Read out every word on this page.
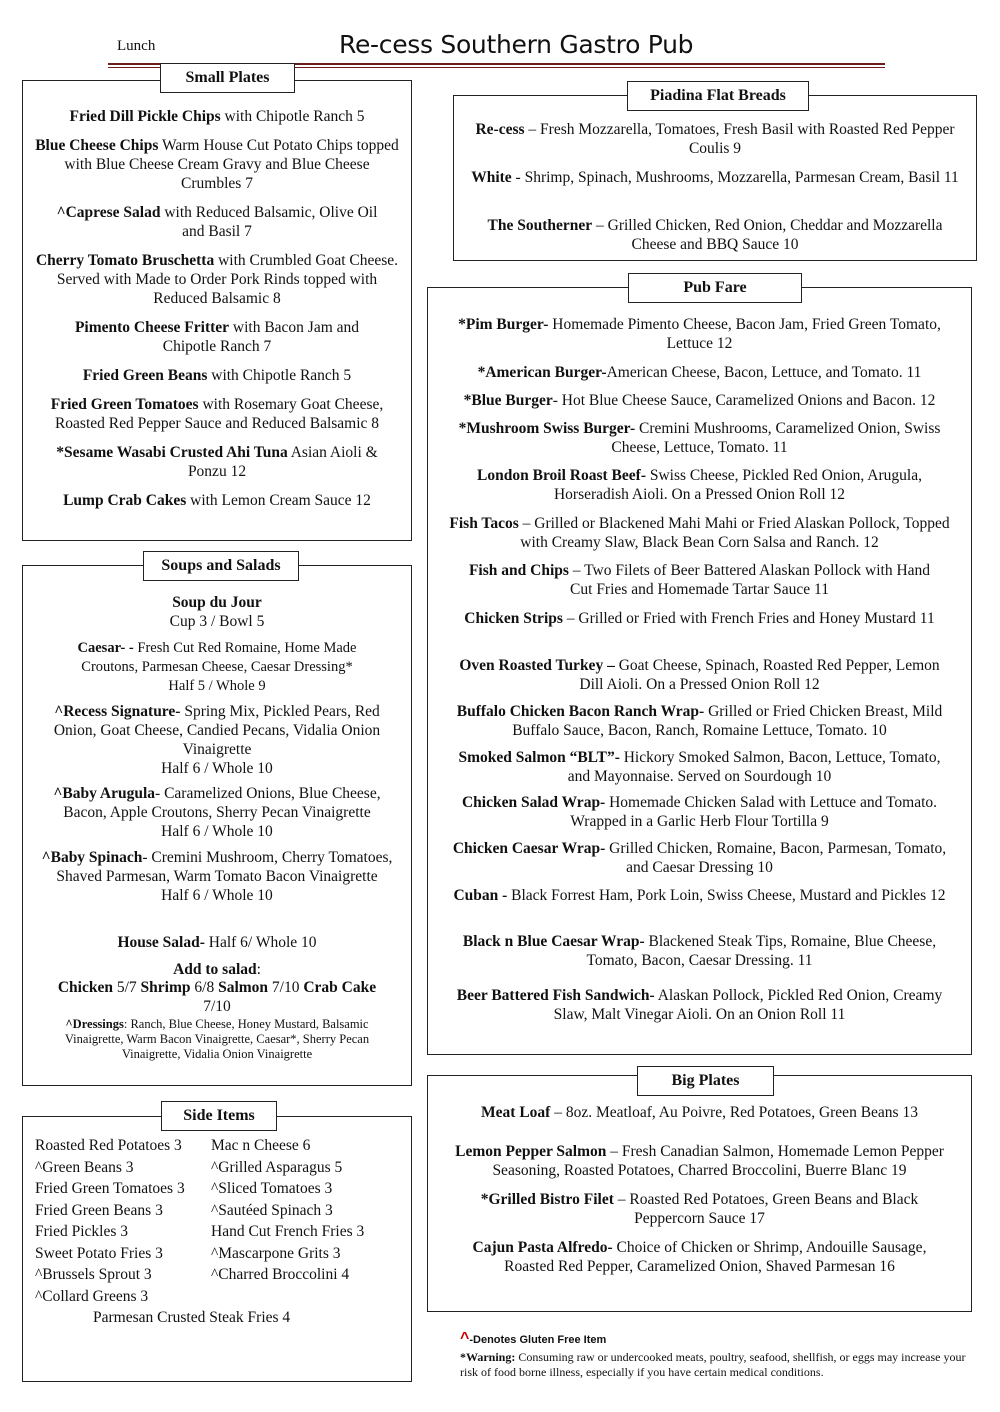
Lunch	Re-cess Southern Gastro Pub
Fried Dill Pickle Chips with Chipotle Ranch 5
Blue Cheese Chips Warm House Cut Potato Chips topped with Blue Cheese Cream Gravy and Blue Cheese Crumbles 7
^Caprese Salad with Reduced Balsamic, Olive Oil and Basil 7
Cherry Tomato Bruschetta with Crumbled Goat Cheese. Served with Made to Order Pork Rinds topped with Reduced Balsamic 8
Pimento Cheese Fritter with Bacon Jam and Chipotle Ranch 7
Fried Green Beans with Chipotle Ranch 5
Fried Green Tomatoes with Rosemary Goat Cheese, Roasted Red Pepper Sauce and Reduced Balsamic 8
*Sesame Wasabi Crusted Ahi Tuna Asian Aioli & Ponzu 12
Lump Crab Cakes with Lemon Cream Sauce 12
Small Plates
Soup du Jour
Cup 3 / Bowl 5
Caesar- - Fresh Cut Red Romaine, Home Made Croutons, Parmesan Cheese, Caesar Dressing*
Half 5 / Whole 9
^Recess Signature- Spring Mix, Pickled Pears, Red Onion, Goat Cheese, Candied Pecans, Vidalia Onion Vinaigrette
Half 6 / Whole 10
^Baby Arugula- Caramelized Onions, Blue Cheese, Bacon, Apple Croutons, Sherry Pecan Vinaigrette
Half 6 / Whole 10
^Baby Spinach- Cremini Mushroom, Cherry Tomatoes, Shaved Parmesan, Warm Tomato Bacon Vinaigrette
Half 6 / Whole 10
House Salad- Half 6/ Whole 10
Add to salad:
Chicken 5/7 Shrimp 6/8 Salmon 7/10 Crab Cake
7/10
^Dressings: Ranch, Blue Cheese, Honey Mustard, Balsamic Vinaigrette, Warm Bacon Vinaigrette, Caesar*, Sherry Pecan Vinaigrette, Vidalia Onion Vinaigrette
Soups and Salads
Roasted Red Potatoes 3
^Green Beans 3
Fried Green Tomatoes 3
Fried Green Beans 3
Fried Pickles 3
Sweet Potato Fries 3
^Brussels Sprout 3
^Collard Greens 3
Mac n Cheese 6
^Grilled Asparagus 5
^Sliced Tomatoes 3
^Sautéed Spinach 3
Hand Cut French Fries 3
^Mascarpone Grits 3
^Charred Broccolini 4
Parmesan Crusted Steak Fries 4
Side Items
Re-cess – Fresh Mozzarella, Tomatoes, Fresh Basil with Roasted Red Pepper Coulis 9
White - Shrimp, Spinach, Mushrooms, Mozzarella, Parmesan Cream, Basil 11
The Southerner – Grilled Chicken, Red Onion, Cheddar and Mozzarella Cheese and BBQ Sauce 10
Piadina Flat Breads
*Pim Burger- Homemade Pimento Cheese, Bacon Jam, Fried Green Tomato, Lettuce 12
*American Burger-American Cheese, Bacon, Lettuce, and Tomato. 11
*Blue Burger- Hot Blue Cheese Sauce, Caramelized Onions and Bacon. 12
*Mushroom Swiss Burger- Cremini Mushrooms, Caramelized Onion, Swiss Cheese, Lettuce, Tomato. 11
London Broil Roast Beef- Swiss Cheese, Pickled Red Onion, Arugula, Horseradish Aioli. On a Pressed Onion Roll 12
Fish Tacos – Grilled or Blackened Mahi Mahi or Fried Alaskan Pollock, Topped with Creamy Slaw, Black Bean Corn Salsa and Ranch. 12
Fish and Chips – Two Filets of Beer Battered Alaskan Pollock with Hand Cut Fries and Homemade Tartar Sauce 11
Chicken Strips – Grilled or Fried with French Fries and Honey Mustard 11
Oven Roasted Turkey – Goat Cheese, Spinach, Roasted Red Pepper, Lemon Dill Aioli. On a Pressed Onion Roll 12
Buffalo Chicken Bacon Ranch Wrap- Grilled or Fried Chicken Breast, Mild Buffalo Sauce, Bacon, Ranch, Romaine Lettuce, Tomato. 10
Smoked Salmon “BLT”- Hickory Smoked Salmon, Bacon, Lettuce, Tomato, and Mayonnaise. Served on Sourdough 10
Chicken Salad Wrap- Homemade Chicken Salad with Lettuce and Tomato. Wrapped in a Garlic Herb Flour Tortilla 9
Chicken Caesar Wrap- Grilled Chicken, Romaine, Bacon, Parmesan, Tomato, and Caesar Dressing 10
Cuban - Black Forrest Ham, Pork Loin, Swiss Cheese, Mustard and Pickles 12
Black n Blue Caesar Wrap- Blackened Steak Tips, Romaine, Blue Cheese, Tomato, Bacon, Caesar Dressing. 11
Beer Battered Fish Sandwich- Alaskan Pollock, Pickled Red Onion, Creamy Slaw, Malt Vinegar Aioli. On an Onion Roll 11
Pub Fare
Meat Loaf – 8oz. Meatloaf, Au Poivre, Red Potatoes, Green Beans 13
Lemon Pepper Salmon – Fresh Canadian Salmon, Homemade Lemon Pepper Seasoning, Roasted Potatoes, Charred Broccolini, Buerre Blanc 19
*Grilled Bistro Filet – Roasted Red Potatoes, Green Beans and Black Peppercorn Sauce 17
Cajun Pasta Alfredo- Choice of Chicken or Shrimp, Andouille Sausage, Roasted Red Pepper, Caramelized Onion, Shaved Parmesan 16
Big Plates
^-Denotes Gluten Free Item
*Warning: Consuming raw or undercooked meats, poultry, seafood, shellfish, or eggs may increase your risk of food borne illness, especially if you have certain medical conditions.
